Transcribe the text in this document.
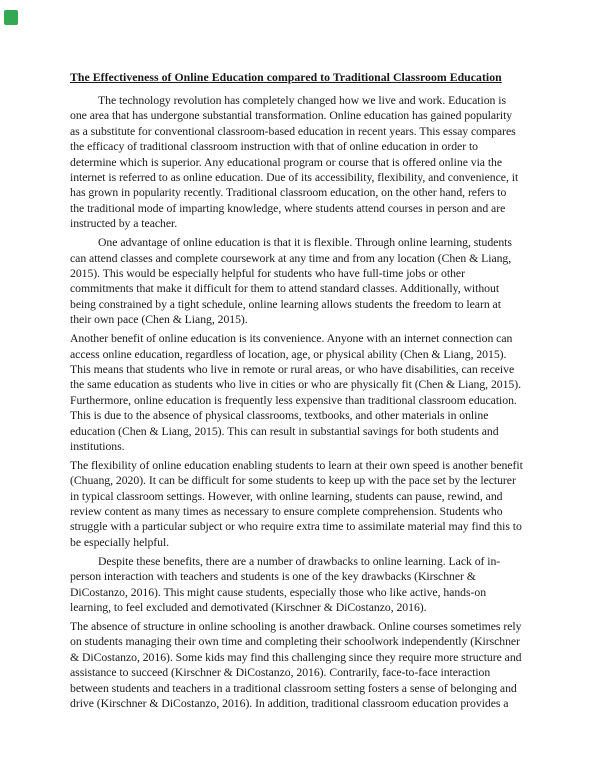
The Effectiveness of Online Education compared to Traditional Classroom Education

The technology revolution has completely changed how we live and work. Education is
one area that has undergone substantial transformation. Online education has gained popularity
as a substitute for conventional classroom-based education in recent years. This essay compares
the efficacy of traditional classroom instruction with that of online education in order to
determine which is superior. Any educational program or course that is offered online via the
internet is referred to as online education. Due of its accessibility, flexibility, and convenience, it
has grown in popularity recently. Traditional classroom education, on the other hand, refers to
the traditional mode of imparting knowledge, where students attend courses in person and are
instructed by a teacher.

One advantage of online education is that it is flexible. Through online learning, students
can attend classes and complete coursework at any time and from any location (Chen & Liang,
2015). This would be especially helpful for students who have full-time jobs or other
commitments that make it difficult for them to attend standard classes. Additionally, without
being constrained by a tight schedule, online learning allows students the freedom to learn at
their own pace (Chen & Liang, 2015).

Another benefit of online education is its convenience. Anyone with an internet connection can
access online education, regardless of location, age, or physical ability (Chen & Liang, 2015).
This means that students who live in remote or rural areas, or who have disabilities, can receive
the same education as students who live in cities or who are physically fit (Chen & Liang, 2015).
Furthermore, online education is frequently less expensive than traditional classroom education.
This is due to the absence of physical classrooms, textbooks, and other materials in online
education (Chen & Liang, 2015). This can result in substantial savings for both students and
institutions.

The flexibility of online education enabling students to learn at their own speed is another benefit
(Chuang, 2020). It can be difficult for some students to keep up with the pace set by the lecturer
in typical classroom settings. However, with online learning, students can pause, rewind, and
review content as many times as necessary to ensure complete comprehension. Students who
struggle with a particular subject or who require extra time to assimilate material may find this to
be especially helpful.

Despite these benefits, there are a number of drawbacks to online learning. Lack of in-
person interaction with teachers and students is one of the key drawbacks (Kirschner &
DiCostanzo, 2016). This might cause students, especially those who like active, hands-on
learning, to feel excluded and demotivated (Kirschner & DiCostanzo, 2016).

The absence of structure in online schooling is another drawback. Online courses sometimes rely
on students managing their own time and completing their schoolwork independently (Kirschner
& DiCostanzo, 2016). Some kids may find this challenging since they require more structure and
assistance to succeed (Kirschner & DiCostanzo, 2016). Contrarily, face-to-face interaction
between students and teachers in a traditional classroom setting fosters a sense of belonging and
drive (Kirschner & DiCostanzo, 2016). In addition, traditional classroom education provides a
